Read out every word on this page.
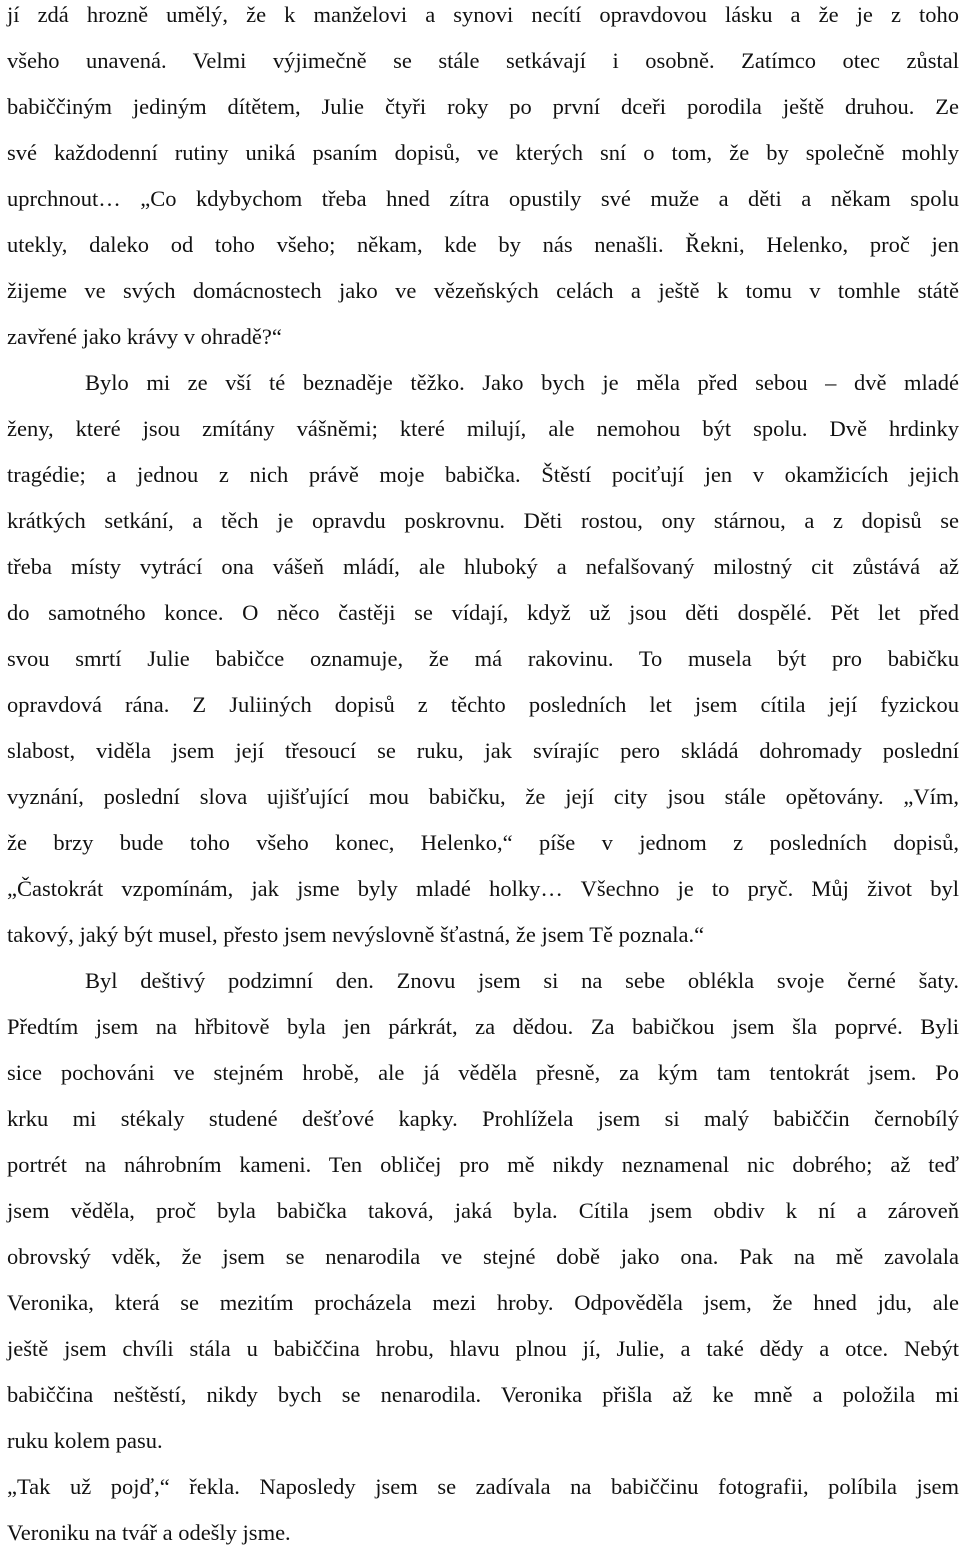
jí zdá hrozně umělý, že k manželovi a synovi necítí opravdovou lásku a že je z toho
všeho unavená. Velmi výjimečně se stále setkávají i osobně. Zatímco otec zůstal
babiččiným jediným dítětem, Julie čtyři roky po první dceři porodila ještě druhou. Ze
své každodenní rutiny uniká psaním dopisů, ve kterých sní o tom, že by společně mohly
uprchnout… „Co kdybychom třeba hned zítra opustily své muže a děti a někam spolu
utekly, daleko od toho všeho; někam, kde by nás nenašli. Řekni, Helenko, proč jen
žijeme ve svých domácnostech jako ve vězeňských celách a ještě k tomu v tomhle státě
zavřené jako krávy v ohradě?“
Bylo mi ze vší té beznaděje těžko. Jako bych je měla před sebou – dvě mladé
ženy, které jsou zmítány vášněmi; které milují, ale nemohou být spolu. Dvě hrdinky
tragédie; a jednou z nich právě moje babička. Štěstí pociťují jen v okamžicích jejich
krátkých setkání, a těch je opravdu poskrovnu. Děti rostou, ony stárnou, a z dopisů se
třeba místy vytrácí ona vášeň mládí, ale hluboký a nefalšovaný milostný cit zůstává až
do samotného konce. O něco častěji se vídají, když už jsou děti dospělé. Pět let před
svou smrtí Julie babičce oznamuje, že má rakovinu. To musela být pro babičku
opravdová rána. Z Juliiných dopisů z těchto posledních let jsem cítila její fyzickou
slabost, viděla jsem její třesoucí se ruku, jak svírajíc pero skládá dohromady poslední
vyznání, poslední slova ujišťující mou babičku, že její city jsou stále opětovány. „Vím,
že brzy bude toho všeho konec, Helenko,“ píše v jednom z posledních dopisů,
„Častokrát vzpomínám, jak jsme byly mladé holky… Všechno je to pryč. Můj život byl
takový, jaký být musel, přesto jsem nevýslovně šťastná, že jsem Tě poznala.“
Byl deštivý podzimní den. Znovu jsem si na sebe oblékla svoje černé šaty.
Předtím jsem na hřbitově byla jen párkrát, za dědou. Za babičkou jsem šla poprvé. Byli
sice pochováni ve stejném hrobě, ale já věděla přesně, za kým tam tentokrát jsem. Po
krku mi stékaly studené dešťové kapky. Prohlížela jsem si malý babiččin černobílý
portrét na náhrobním kameni. Ten obličej pro mě nikdy neznamenal nic dobrého; až teď
jsem věděla, proč byla babička taková, jaká byla. Cítila jsem obdiv k ní a zároveň
obrovský vděk, že jsem se nenarodila ve stejné době jako ona. Pak na mě zavolala
Veronika, která se mezitím procházela mezi hroby. Odpověděla jsem, že hned jdu, ale
ještě jsem chvíli stála u babiččina hrobu, hlavu plnou jí, Julie, a také dědy a otce. Nebýt
babiččina neštěstí, nikdy bych se nenarodila. Veronika přišla až ke mně a položila mi
ruku kolem pasu.
„Tak už pojď,“ řekla. Naposledy jsem se zadívala na babiččinu fotografii, políbila jsem
Veroniku na tvář a odešly jsme.
